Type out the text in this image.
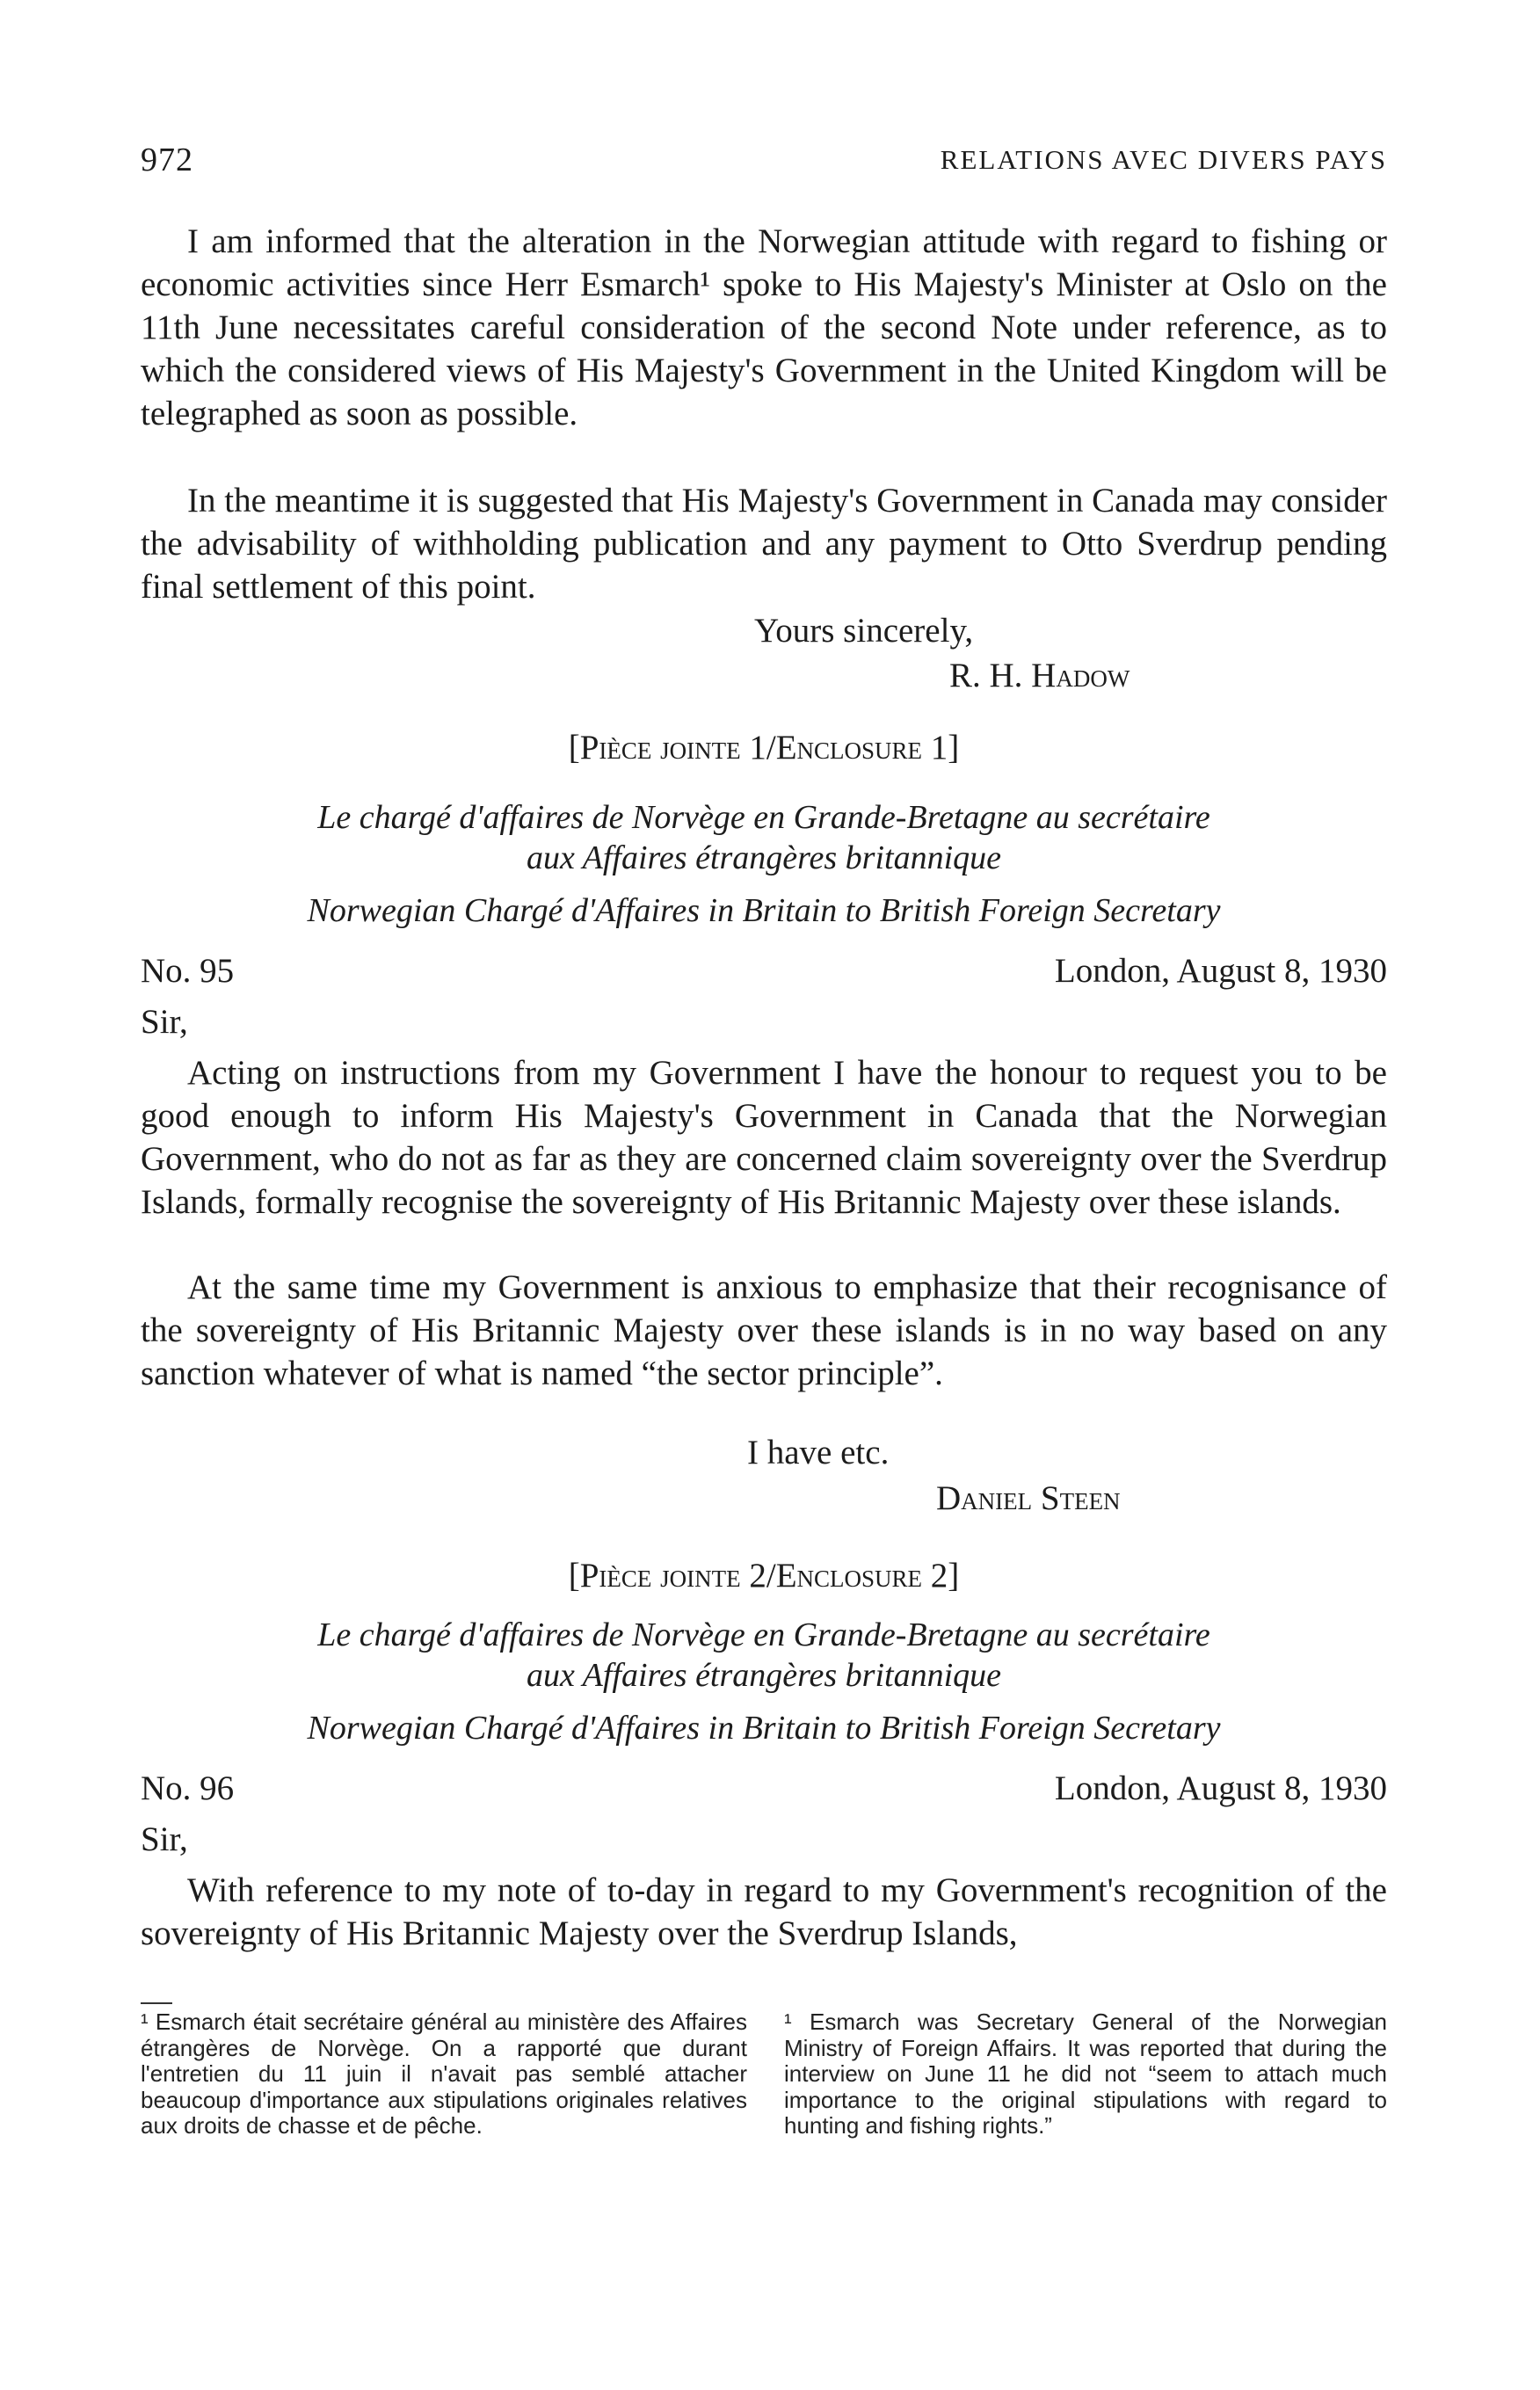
972	RELATIONS AVEC DIVERS PAYS

I am informed that the alteration in the Norwegian attitude with regard to fishing or economic activities since Herr Esmarch¹ spoke to His Majesty's Minister at Oslo on the 11th June necessitates careful consideration of the second Note under reference, as to which the considered views of His Majesty's Government in the United Kingdom will be telegraphed as soon as possible.

In the meantime it is suggested that His Majesty's Government in Canada may consider the advisability of withholding publication and any payment to Otto Sverdrup pending final settlement of this point.

Yours sincerely,
R. H. Hadow
[Pièce jointe 1/Enclosure 1]
Le chargé d'affaires de Norvège en Grande-Bretagne au secrétaire
aux Affaires étrangères britannique
Norwegian Chargé d'Affaires in Britain to British Foreign Secretary
No. 95	London, August 8, 1930
Sir,

Acting on instructions from my Government I have the honour to request you to be good enough to inform His Majesty's Government in Canada that the Norwegian Government, who do not as far as they are concerned claim sovereignty over the Sverdrup Islands, formally recognise the sovereignty of His Britannic Majesty over these islands.

At the same time my Government is anxious to emphasize that their recognisance of the sovereignty of His Britannic Majesty over these islands is in no way based on any sanction whatever of what is named “the sector principle”.

I have etc.
Daniel Steen
[Pièce jointe 2/Enclosure 2]
Le chargé d'affaires de Norvège en Grande-Bretagne au secrétaire
aux Affaires étrangères britannique
Norwegian Chargé d'Affaires in Britain to British Foreign Secretary
No. 96	London, August 8, 1930
Sir,

With reference to my note of to-day in regard to my Government's recognition of the sovereignty of His Britannic Majesty over the Sverdrup Islands,

¹ Esmarch était secrétaire général au ministère des Affaires étrangères de Norvège. On a rapporté que durant l'entretien du 11 juin il n'avait pas semblé attacher beaucoup d'importance aux stipulations originales relatives aux droits de chasse et de pêche.
¹ Esmarch was Secretary General of the Norwegian Ministry of Foreign Affairs. It was reported that during the interview on June 11 he did not “seem to attach much importance to the original stipulations with regard to hunting and fishing rights.”
